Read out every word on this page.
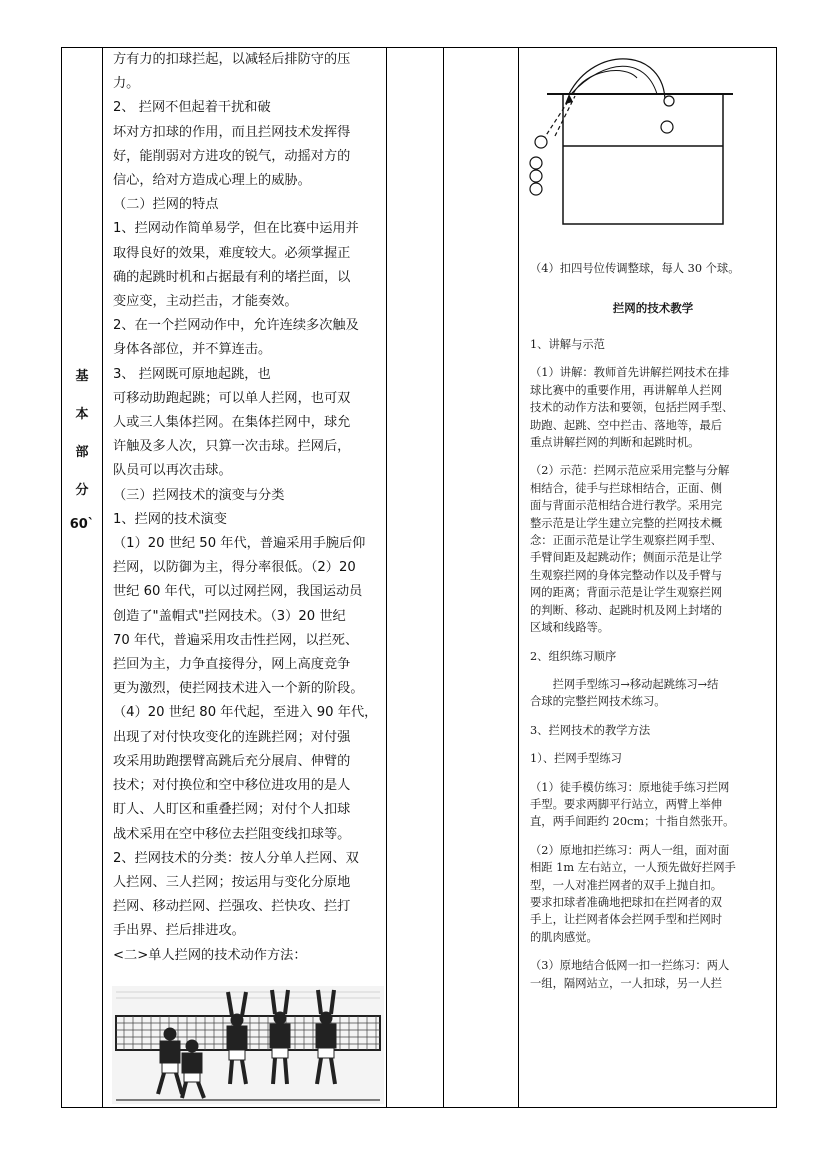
基
本
部
分
60`

方有力的扣球拦起，以减轻后排防守的压

力。

2、 拦网不但起着干扰和破

坏对方扣球的作用，而且拦网技术发挥得

好，能削弱对方进攻的锐气，动摇对方的

信心，给对方造成心理上的威胁。

（二）拦网的特点

1、拦网动作简单易学，但在比赛中运用并

取得良好的效果，难度较大。必须掌握正

确的起跳时机和占据最有利的堵拦面，以

变应变，主动拦击，才能奏效。

2、在一个拦网动作中，允许连续多次触及

身体各部位，并不算连击。

3、 拦网既可原地起跳，也

可移动助跑起跳；可以单人拦网，也可双

人或三人集体拦网。在集体拦网中，球允

许触及多人次，只算一次击球。拦网后，

队员可以再次击球。

（三）拦网技术的演变与分类

1、拦网的技术演变

（1）20 世纪 50 年代，普遍采用手腕后仰

拦网，以防御为主，得分率很低。（2）20

世纪 60 年代，可以过网拦网，我国运动员

创造了"盖帽式"拦网技术。（3）20 世纪

70 年代，普遍采用攻击性拦网，以拦死、

拦回为主，力争直接得分，网上高度竞争

更为激烈，使拦网技术进入一个新的阶段。

（4）20 世纪 80 年代起，至进入 90 年代，

出现了对付快攻变化的连跳拦网；对付强

攻采用助跑摆臂高跳后充分展肩、伸臂的

技术；对付换位和空中移位进攻用的是人

盯人、人盯区和重叠拦网；对付个人扣球

战术采用在空中移位去拦阻变线扣球等。

2、拦网技术的分类：按人分单人拦网、双

人拦网、三人拦网；按运用与变化分原地

拦网、移动拦网、拦强攻、拦快攻、拦打

手出界、拦后排进攻。

<二>单人拦网的技术动作方法：

（4）扣四号位传调整球，每人 30 个球。

拦网的技术教学

1、讲解与示范

（1）讲解：教师首先讲解拦网技术在排

球比赛中的重要作用，再讲解单人拦网

技术的动作方法和要领，包括拦网手型、

助跑、起跳、空中拦击、落地等，最后

重点讲解拦网的判断和起跳时机。

（2）示范：拦网示范应采用完整与分解

相结合，徒手与拦球相结合，正面、侧

面与背面示范相结合进行教学。采用完

整示范是让学生建立完整的拦网技术概

念：正面示范是让学生观察拦网手型、

手臂间距及起跳动作；侧面示范是让学

生观察拦网的身体完整动作以及手臂与

网的距离；背面示范是让学生观察拦网

的判断、移动、起跳时机及网上封堵的

区域和线路等。

2、组织练习顺序

　　拦网手型练习→移动起跳练习→结

合球的完整拦网技术练习。

3、拦网技术的教学方法

1）、拦网手型练习

（1）徒手模仿练习：原地徒手练习拦网

手型。要求两脚平行站立，两臂上举伸

直，两手间距约 20cm；十指自然张开。

（2）原地扣拦练习：两人一组，面对面

相距 1m 左右站立，一人预先做好拦网手

型，一人对准拦网者的双手上抛自扣。

要求扣球者准确地把球扣在拦网者的双

手上，让拦网者体会拦网手型和拦网时

的肌肉感觉。

（3）原地结合低网一扣一拦练习：两人

一组，隔网站立，一人扣球，另一人拦
